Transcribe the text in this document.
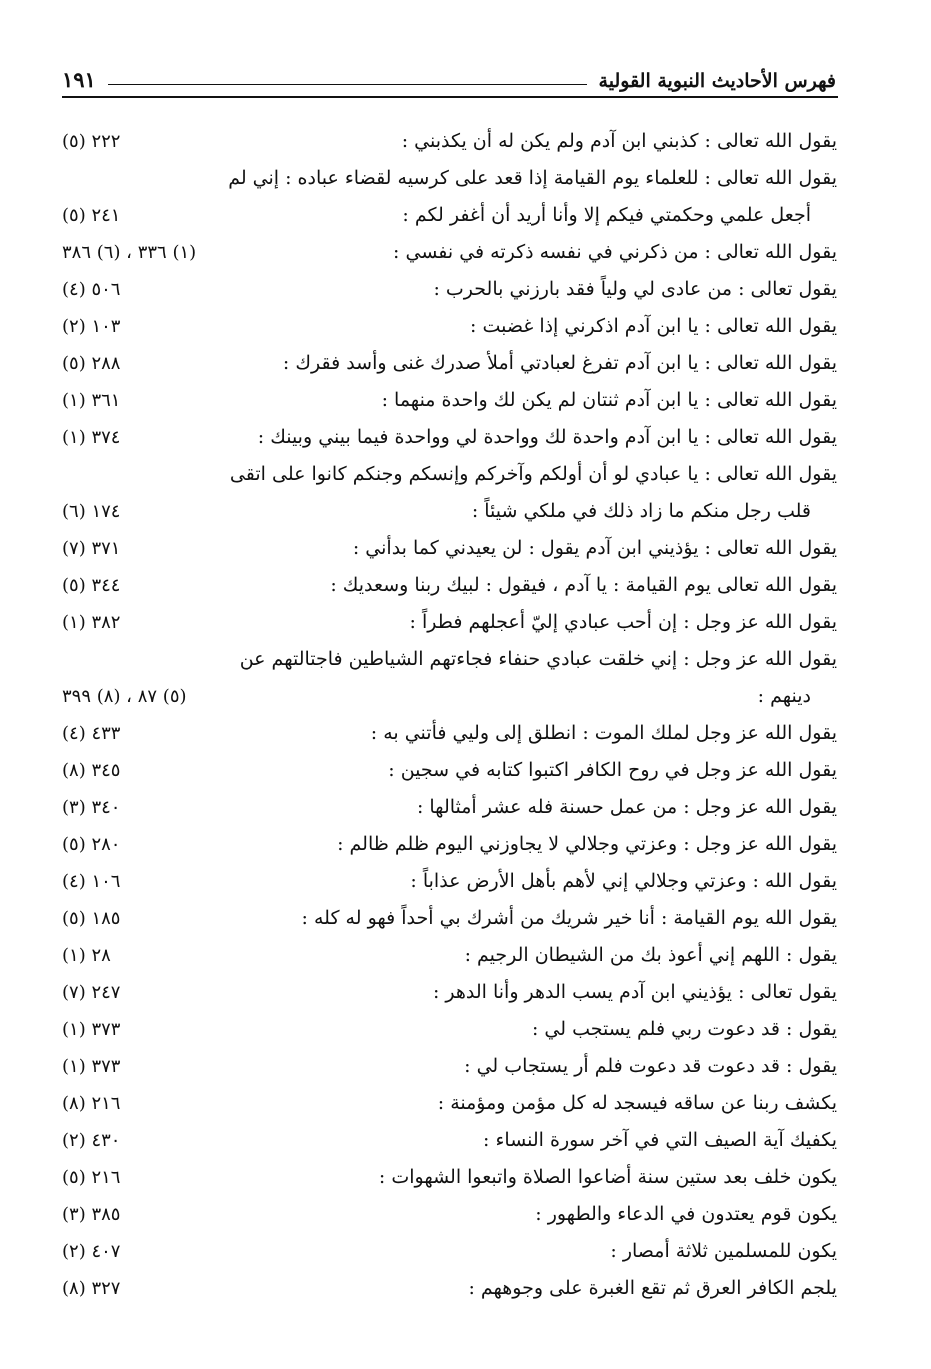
فهرس الأحاديث النبوية القولية
١٩١
يقول الله تعالى : كذبني ابن آدم ولم يكن له أن يكذبني :
٢٢٢ (٥)
يقول الله تعالى : للعلماء يوم القيامة إذا قعد على كرسيه لقضاء عباده : إني لم
أجعل علمي وحكمتي فيكم إلا وأنا أريد أن أغفر لكم :
٢٤١ (٥)
يقول الله تعالى : من ذكرني في نفسه ذكرته في نفسي :
(١) ٣٣٦ ، (٦) ٣٨٦
يقول تعالى : من عادى لي ولياً فقد بارزني بالحرب :
٥٠٦ (٤)
يقول الله تعالى : يا ابن آدم اذكرني إذا غضبت :
١٠٣ (٢)
يقول الله تعالى : يا ابن آدم تفرغ لعبادتي أملأ صدرك غنى وأسد فقرك :
٢٨٨ (٥)
يقول الله تعالى : يا ابن آدم ثنتان لم يكن لك واحدة منهما :
٣٦١ (١)
يقول الله تعالى : يا ابن آدم واحدة لك وواحدة لي وواحدة فيما بيني وبينك :
٣٧٤ (١)
يقول الله تعالى : يا عبادي لو أن أولكم وآخركم وإنسكم وجنكم كانوا على اتقى
قلب رجل منكم ما زاد ذلك في ملكي شيئاً :
١٧٤ (٦)
يقول الله تعالى : يؤذيني ابن آدم يقول : لن يعيدني كما بدأني :
٣٧١ (٧)
يقول الله تعالى يوم القيامة : يا آدم ، فيقول : لبيك ربنا وسعديك :
٣٤٤ (٥)
يقول الله عز وجل : إن أحب عبادي إليّ أعجلهم فطراً :
٣٨٢ (١)
يقول الله عز وجل : إني خلقت عبادي حنفاء فجاءتهم الشياطين فاجتالتهم عن
دينهم :
(٥) ٨٧ ، (٨) ٣٩٩
يقول الله عز وجل لملك الموت : انطلق إلى وليي فأتني به :
٤٣٣ (٤)
يقول الله عز وجل في روح الكافر اكتبوا كتابه في سجين :
٣٤٥ (٨)
يقول الله عز وجل : من عمل حسنة فله عشر أمثالها :
٣٤٠ (٣)
يقول الله عز وجل : وعزتي وجلالي لا يجاوزني اليوم ظلم ظالم :
٢٨٠ (٥)
يقول الله : وعزتي وجلالي إني لأهم بأهل الأرض عذاباً :
١٠٦ (٤)
يقول الله يوم القيامة : أنا خير شريك من أشرك بي أحداً فهو له كله :
١٨٥ (٥)
يقول : اللهم إني أعوذ بك من الشيطان الرجيم :
٢٨ (١)
يقول تعالى : يؤذيني ابن آدم يسب الدهر وأنا الدهر :
٢٤٧ (٧)
يقول : قد دعوت ربي فلم يستجب لي :
٣٧٣ (١)
يقول : قد دعوت قد دعوت فلم أر يستجاب لي :
٣٧٣ (١)
يكشف ربنا عن ساقه فيسجد له كل مؤمن ومؤمنة :
٢١٦ (٨)
يكفيك آية الصيف التي في آخر سورة النساء :
٤٣٠ (٢)
يكون خلف بعد ستين سنة أضاعوا الصلاة واتبعوا الشهوات :
٢١٦ (٥)
يكون قوم يعتدون في الدعاء والطهور :
٣٨٥ (٣)
يكون للمسلمين ثلاثة أمصار :
٤٠٧ (٢)
يلجم الكافر العرق ثم تقع الغبرة على وجوههم :
٣٢٧ (٨)
